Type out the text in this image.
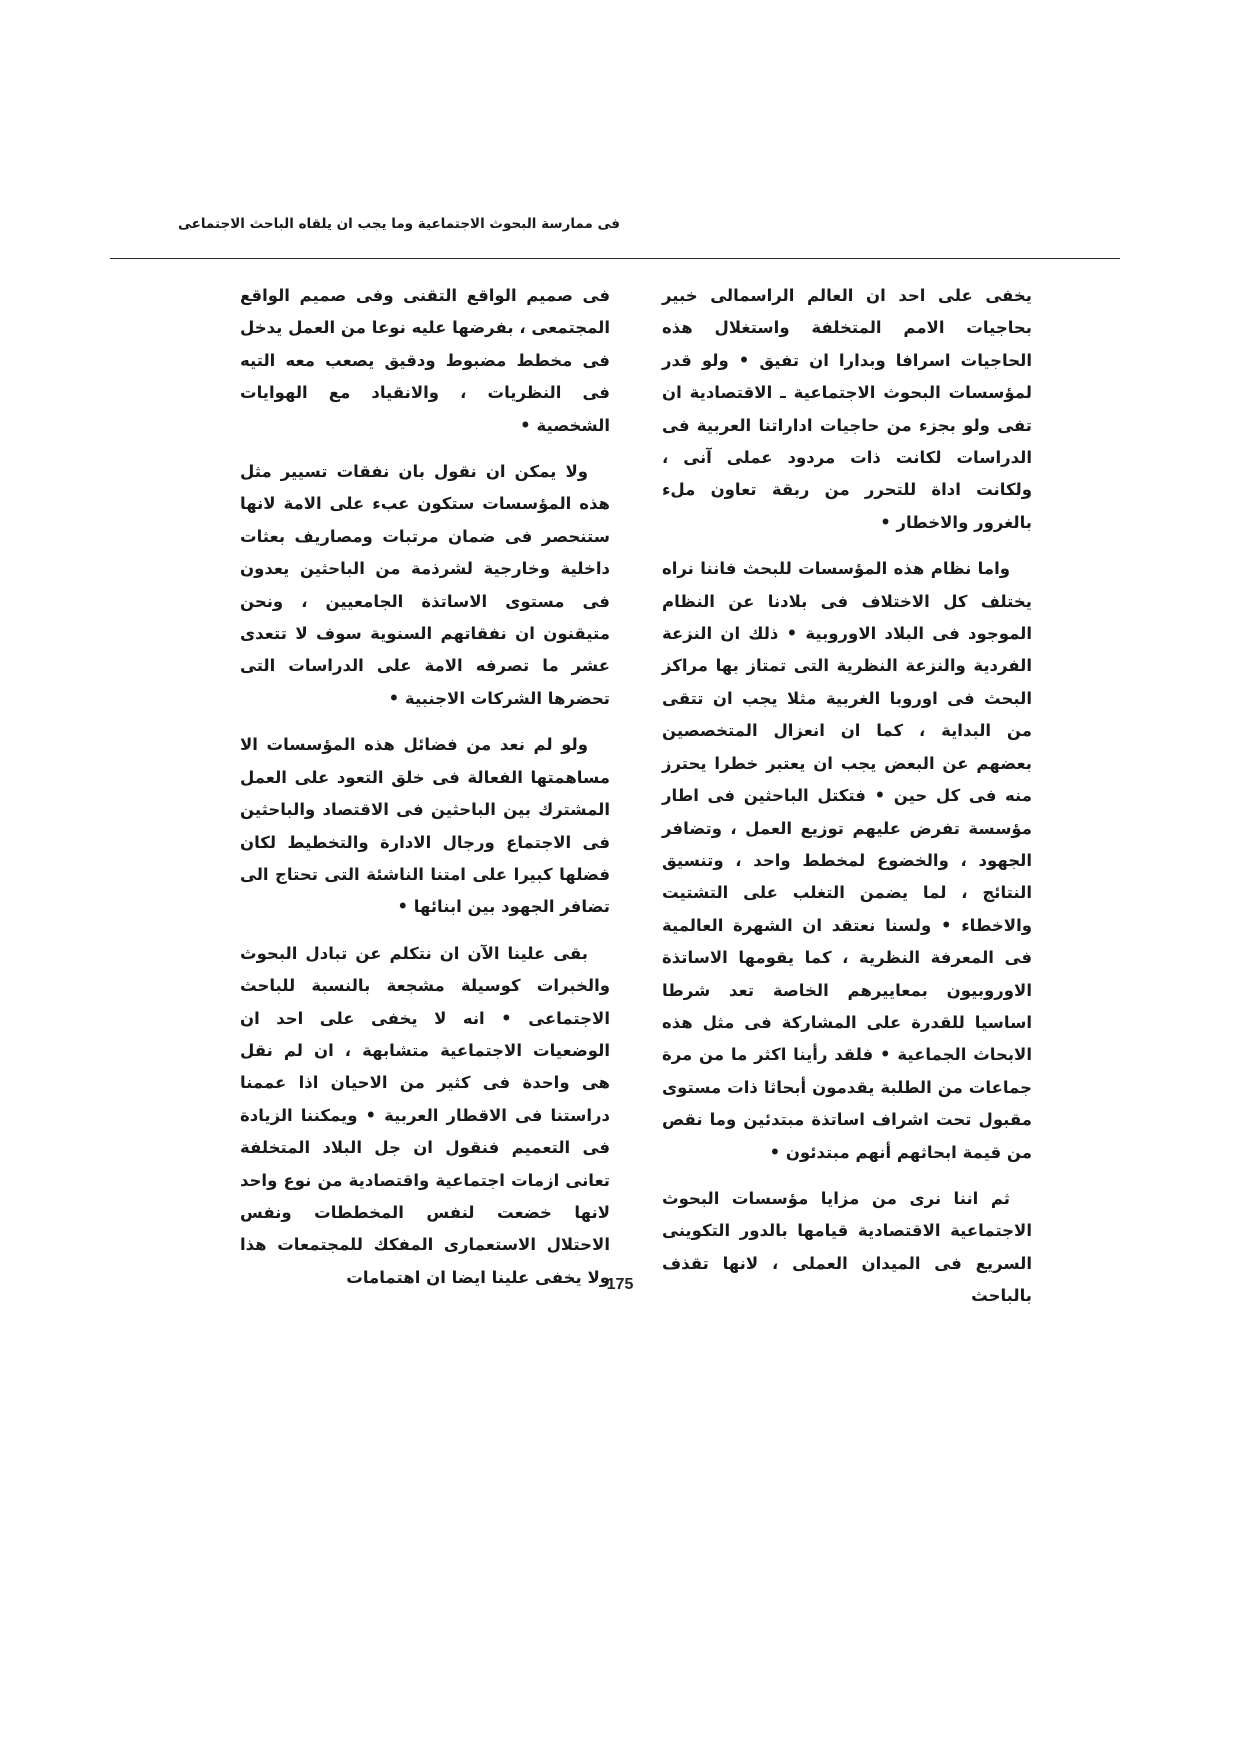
فى ممارسة البحوث الاجتماعية وما يجب ان يلقاه الباحث الاجتماعى

يخفى على احد ان العالم الراسمالى خبير بحاجيات الامم المتخلفة واستغلال هذه الحاجيات اسرافا وبدارا ان تفيق • ولو قدر لمؤسسات البحوث الاجتماعية ـ الاقتصادية ان تفى ولو بجزء من حاجيات اداراتنا العربية فى الدراسات لكانت ذات مردود عملى آنى ، ولكانت اداة للتحرر من ربقة تعاون ملء بالغرور والاخطار •

واما نظام هذه المؤسسات للبحث فاننا نراه يختلف كل الاختلاف فى بلادنا عن النظام الموجود فى البلاد الاوروبية • ذلك ان النزعة الفردية والنزعة النظرية التى تمتاز بها مراكز البحث فى اوروبا الغربية مثلا يجب ان تتقى من البداية ، كما ان انعزال المتخصصين بعضهم عن البعض يجب ان يعتبر خطرا يحترز منه فى كل حين • فتكتل الباحثين فى اطار مؤسسة تفرض عليهم توزيع العمل ، وتضافر الجهود ، والخضوع لمخطط واحد ، وتنسيق النتائج ، لما يضمن التغلب على التشتيت والاخطاء • ولسنا نعتقد ان الشهرة العالمية فى المعرفة النظرية ، كما يقومها الاساتذة الاوروبيون بمعاييرهم الخاصة تعد شرطا اساسيا للقدرة على المشاركة فى مثل هذه الابحاث الجماعية • فلقد رأينا اكثر ما من مرة جماعات من الطلبة يقدمون أبحاثا ذات مستوى مقبول تحت اشراف اساتذة مبتدئين وما نقص من قيمة ابحاثهم أنهم مبتدئون •

ثم اننا نرى من مزايا مؤسسات البحوث الاجتماعية الاقتصادية قيامها بالدور التكوينى السريع فى الميدان العملى ، لانها تقذف بالباحث

فى صميم الواقع التقنى وفى صميم الواقع المجتمعى ، بفرضها عليه نوعا من العمل يدخل فى مخطط مضبوط ودقيق يصعب معه التيه فى النظريات ، والانقياد مع الهوايات الشخصية •

ولا يمكن ان نقول بان نفقات تسيير مثل هذه المؤسسات ستكون عبء على الامة لانها ستنحصر فى ضمان مرتبات ومصاريف بعثات داخلية وخارجية لشرذمة من الباحثين يعدون فى مستوى الاساتذة الجامعيين ، ونحن متيقنون ان نفقاتهم السنوية سوف لا تتعدى عشر ما تصرفه الامة على الدراسات التى تحضرها الشركات الاجنبية •

ولو لم نعد من فضائل هذه المؤسسات الا مساهمتها الفعالة فى خلق التعود على العمل المشترك بين الباحثين فى الاقتصاد والباحثين فى الاجتماع ورجال الادارة والتخطيط لكان فضلها كبيرا على امتنا الناشئة التى تحتاج الى تضافر الجهود بين ابنائها •

بقى علينا الآن ان نتكلم عن تبادل البحوث والخبرات كوسيلة مشجعة بالنسبة للباحث الاجتماعى • انه لا يخفى على احد ان الوضعيات الاجتماعية متشابهة ، ان لم نقل هى واحدة فى كثير من الاحيان اذا عممنا دراستنا فى الاقطار العربية • ويمكننا الزيادة فى التعميم فنقول ان جل البلاد المتخلفة تعانى ازمات اجتماعية واقتصادية من نوع واحد لانها خضعت لنفس المخططات ونفس الاحتلال الاستعمارى المفكك للمجتمعات هذا ولا يخفى علينا ايضا ان اهتمامات

175
